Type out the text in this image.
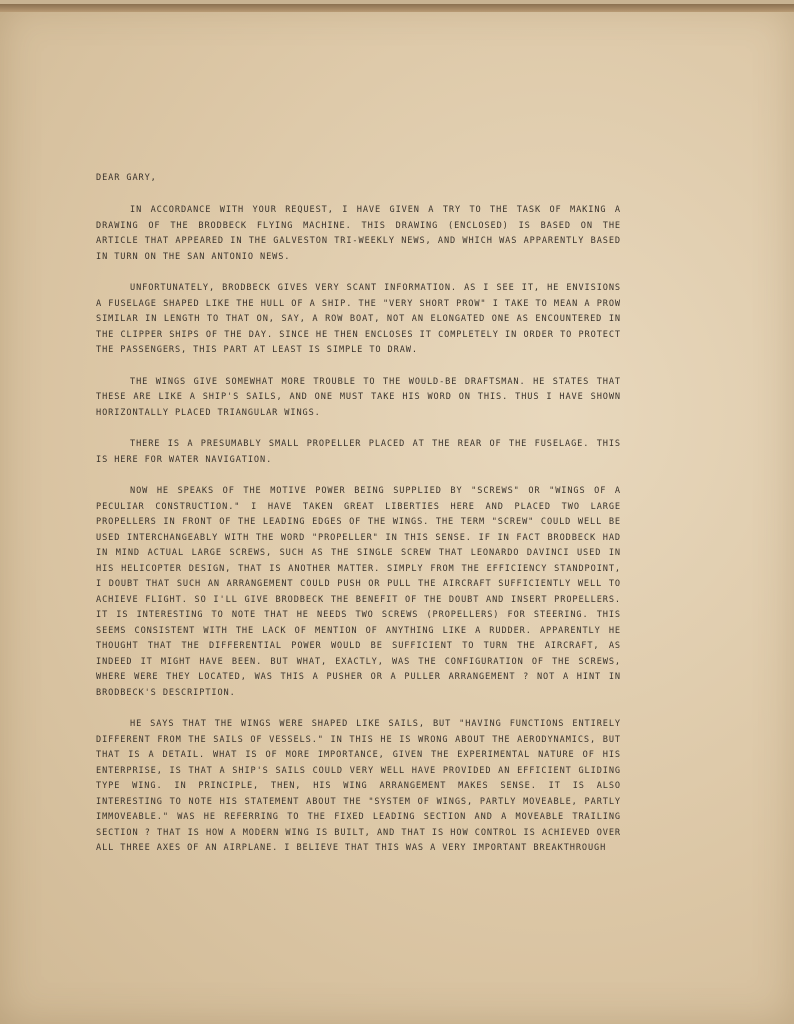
DEAR GARY,

IN ACCORDANCE WITH YOUR REQUEST, I HAVE GIVEN A TRY TO THE TASK OF MAKING A DRAWING OF THE BRODBECK FLYING MACHINE. THIS DRAWING (ENCLOSED) IS BASED ON THE ARTICLE THAT APPEARED IN THE GALVESTON TRI-WEEKLY NEWS, AND WHICH WAS APPARENTLY BASED IN TURN ON THE SAN ANTONIO NEWS.

UNFORTUNATELY, BRODBECK GIVES VERY SCANT INFORMATION. AS I SEE IT, HE ENVISIONS A FUSELAGE SHAPED LIKE THE HULL OF A SHIP. THE "VERY SHORT PROW" I TAKE TO MEAN A PROW SIMILAR IN LENGTH TO THAT ON, SAY, A ROW BOAT, NOT AN ELONGATED ONE AS ENCOUNTERED IN THE CLIPPER SHIPS OF THE DAY. SINCE HE THEN ENCLOSES IT COMPLETELY IN ORDER TO PROTECT THE PASSENGERS, THIS PART AT LEAST IS SIMPLE TO DRAW.

THE WINGS GIVE SOMEWHAT MORE TROUBLE TO THE WOULD-BE DRAFTSMAN. HE STATES THAT THESE ARE LIKE A SHIP'S SAILS, AND ONE MUST TAKE HIS WORD ON THIS. THUS I HAVE SHOWN HORIZONTALLY PLACED TRIANGULAR WINGS.

THERE IS A PRESUMABLY SMALL PROPELLER PLACED AT THE REAR OF THE FUSELAGE. THIS IS HERE FOR WATER NAVIGATION.

NOW HE SPEAKS OF THE MOTIVE POWER BEING SUPPLIED BY "SCREWS" OR "WINGS OF A PECULIAR CONSTRUCTION." I HAVE TAKEN GREAT LIBERTIES HERE AND PLACED TWO LARGE PROPELLERS IN FRONT OF THE LEADING EDGES OF THE WINGS. THE TERM "SCREW" COULD WELL BE USED INTERCHANGEABLY WITH THE WORD "PROPELLER" IN THIS SENSE. IF IN FACT BRODBECK HAD IN MIND ACTUAL LARGE SCREWS, SUCH AS THE SINGLE SCREW THAT LEONARDO DAVINCI USED IN HIS HELICOPTER DESIGN, THAT IS ANOTHER MATTER. SIMPLY FROM THE EFFICIENCY STANDPOINT, I DOUBT THAT SUCH AN ARRANGEMENT COULD PUSH OR PULL THE AIRCRAFT SUFFICIENTLY WELL TO ACHIEVE FLIGHT. SO I'LL GIVE BRODBECK THE BENEFIT OF THE DOUBT AND INSERT PROPELLERS. IT IS INTERESTING TO NOTE THAT HE NEEDS TWO SCREWS (PROPELLERS) FOR STEERING. THIS SEEMS CONSISTENT WITH THE LACK OF MENTION OF ANYTHING LIKE A RUDDER. APPARENTLY HE THOUGHT THAT THE DIFFERENTIAL POWER WOULD BE SUFFICIENT TO TURN THE AIRCRAFT, AS INDEED IT MIGHT HAVE BEEN. BUT WHAT, EXACTLY, WAS THE CONFIGURATION OF THE SCREWS, WHERE WERE THEY LOCATED, WAS THIS A PUSHER OR A PULLER ARRANGEMENT ? NOT A HINT IN BRODBECK'S DESCRIPTION.

HE SAYS THAT THE WINGS WERE SHAPED LIKE SAILS, BUT "HAVING FUNCTIONS ENTIRELY DIFFERENT FROM THE SAILS OF VESSELS." IN THIS HE IS WRONG ABOUT THE AERODYNAMICS, BUT THAT IS A DETAIL. WHAT IS OF MORE IMPORTANCE, GIVEN THE EXPERIMENTAL NATURE OF HIS ENTERPRISE, IS THAT A SHIP'S SAILS COULD VERY WELL HAVE PROVIDED AN EFFICIENT GLIDING TYPE WING. IN PRINCIPLE, THEN, HIS WING ARRANGEMENT MAKES SENSE. IT IS ALSO INTERESTING TO NOTE HIS STATEMENT ABOUT THE "SYSTEM OF WINGS, PARTLY MOVEABLE, PARTLY IMMOVEABLE." WAS HE REFERRING TO THE FIXED LEADING SECTION AND A MOVEABLE TRAILING SECTION ? THAT IS HOW A MODERN WING IS BUILT, AND THAT IS HOW CONTROL IS ACHIEVED OVER ALL THREE AXES OF AN AIRPLANE. I BELIEVE THAT THIS WAS A VERY IMPORTANT BREAKTHROUGH
